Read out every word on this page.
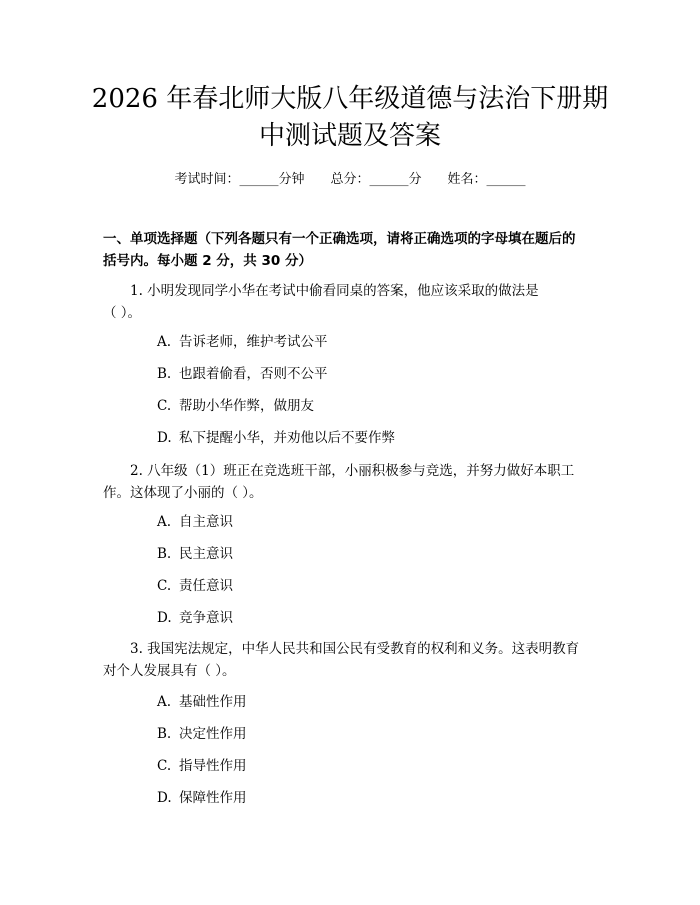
2026 年春北师大版八年级道德与法治下册期
中测试题及答案
考试时间：______分钟 总分：______分 姓名：______
一、单项选择题（下列各题只有一个正确选项，请将正确选项的字母填在题后的
括号内。每小题 2 分，共 30 分）
1. 小明发现同学小华在考试中偷看同桌的答案，他应该采取的做法是
（ ）。
A. 告诉老师，维护考试公平
B. 也跟着偷看，否则不公平
C. 帮助小华作弊，做朋友
D. 私下提醒小华，并劝他以后不要作弊
2. 八年级（1）班正在竞选班干部，小丽积极参与竞选，并努力做好本职工
作。这体现了小丽的（ ）。
A. 自主意识
B. 民主意识
C. 责任意识
D. 竞争意识
3. 我国宪法规定，中华人民共和国公民有受教育的权利和义务。这表明教育
对个人发展具有（ ）。
A. 基础性作用
B. 决定性作用
C. 指导性作用
D. 保障性作用
